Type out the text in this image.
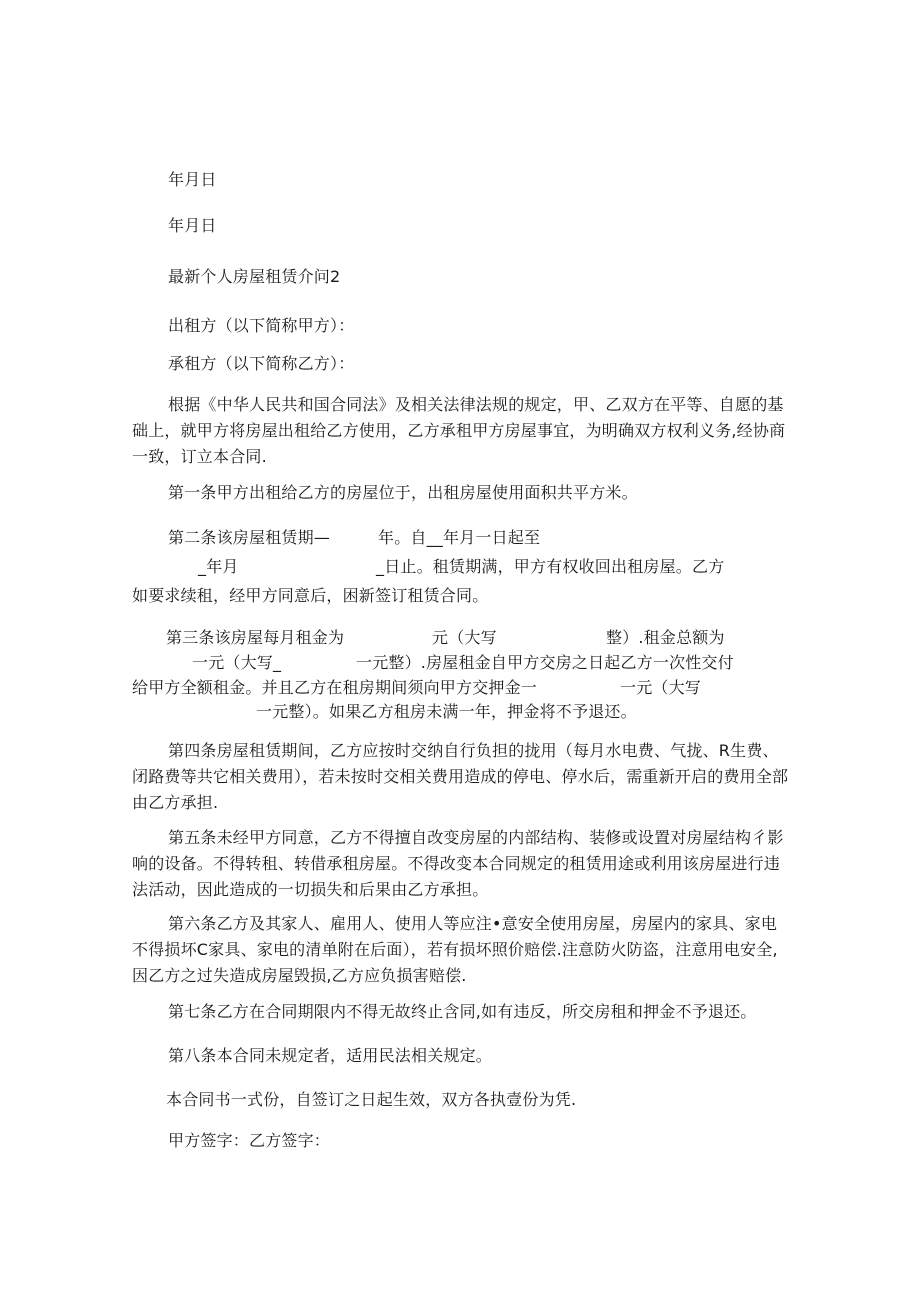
年月日
年月日
最新个人房屋租赁介问2
出租方（以下简称甲方）：
承租方（以下简称乙方）：
根据《中华人民共和国合同法》及相关法律法规的规定，甲、乙双方在平等、自愿的基础上，就甲方将房屋出租给乙方使用，乙方承租甲方房屋事宜，为明确双方权利义务,经协商一致，订立本合同.
第一条甲方出租给乙方的房屋位于，出租房屋使用面积共平方米。
第二条该房屋租赁期—	年。自__年月一日起至
_年月	_日止。租赁期满，甲方有权收回出租房屋。乙方
如要求续租，经甲方同意后，困新签订租赁合同。
第三条该房屋每月租金为	元（大写	整）.租金总额为
一元（大写_	一元整）.房屋租金自甲方交房之日起乙方一次性交付
给甲方全额租金。并且乙方在租房期间须向甲方交押金一	一元（大写
一元整）。如果乙方租房未满一年，押金将不予退还。
第四条房屋租赁期间，乙方应按时交纳自行负担的拢用（每月水电费、气拢、R生费、闭路费等共它相关费用），若未按时交相关费用造成的停电、停水后，需重新开启的费用全部由乙方承担.
第五条未经甲方同意，乙方不得擅自改变房屋的内部结构、装修或设置对房屋结构彳影响的设备。不得转租、转借承租房屋。不得改变本合同规定的租赁用途或利用该房屋进行违法活动，因此造成的一切损失和后果由乙方承担。
第六条乙方及其家人、雇用人、使用人等应注•意安全使用房屋，房屋内的家具、家电不得损坏C家具、家电的清单附在后面），若有损坏照价赔偿.注意防火防盗，注意用电安全,因乙方之过失造成房屋毁损,乙方应负损害赔偿.
第七条乙方在合同期限内不得无故终止含同,如有违反，所交房租和押金不予退还。
第八条本合同未规定者，适用民法相关规定。
本合同书一式份，自签订之日起生效，双方各执壹份为凭.
甲方签字：乙方签字：
